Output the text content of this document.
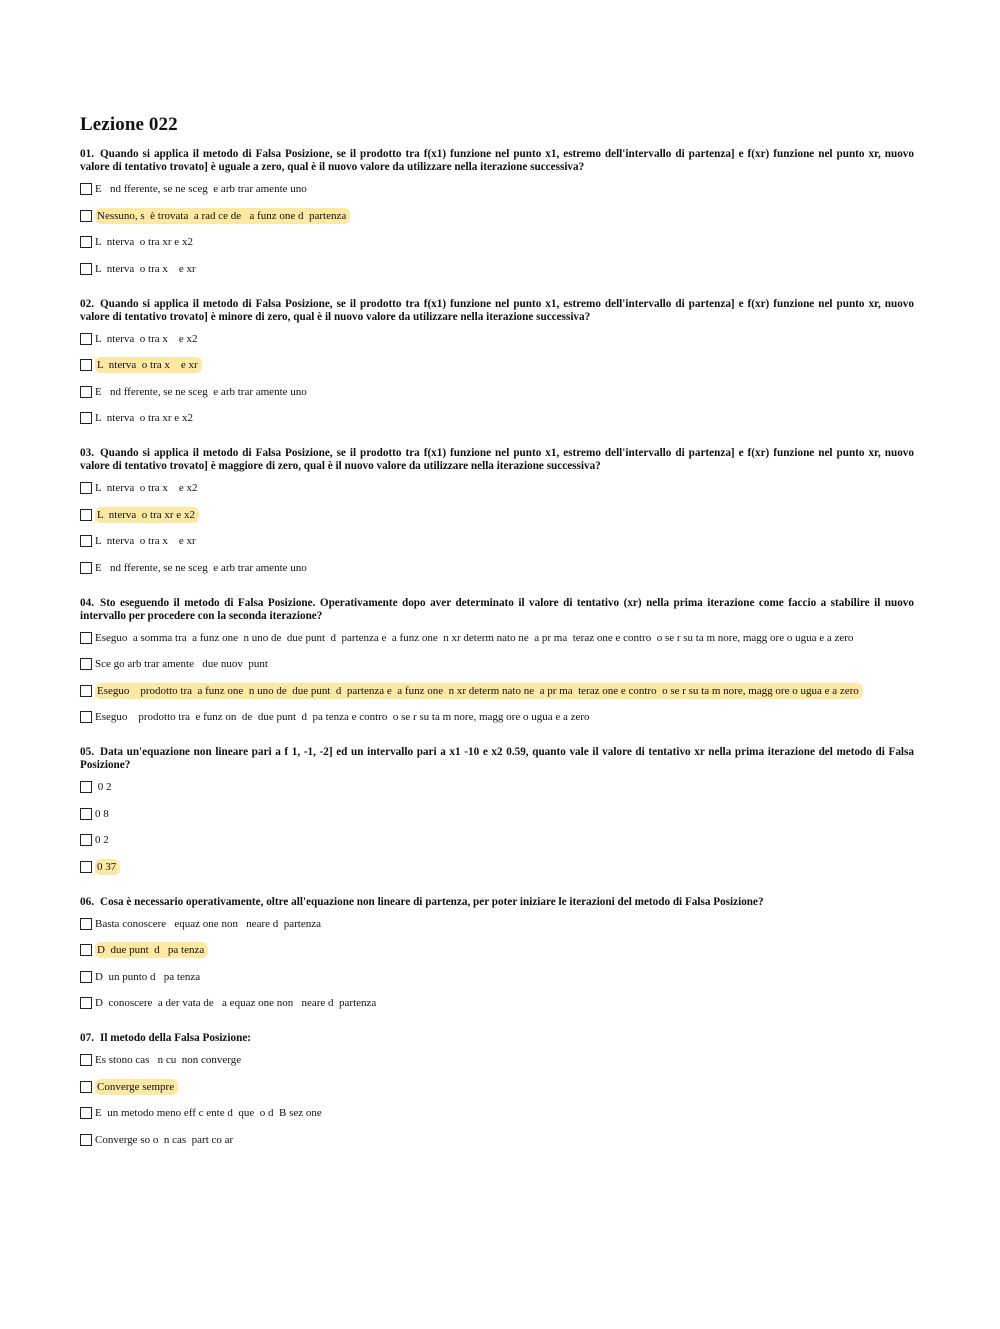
Lezione 022
01. Quando si applica il metodo di Falsa Posizione, se il prodotto tra f(x1) funzione nel punto x1, estremo dell'intervallo di partenza] e f(xr) funzione nel punto xr, nuovo valore di tentativo trovato] è uguale a zero, qual è il nuovo valore da utilizzare nella iterazione successiva?
E   nd fferente, se ne sceg  e arb trar amente uno
Nessuno, s  è trovata  a rad ce de   a funz one d  partenza
L  nterva  o tra xr e x2
L  nterva  o tra x    e xr
02. Quando si applica il metodo di Falsa Posizione, se il prodotto tra f(x1) funzione nel punto x1, estremo dell'intervallo di partenza] e f(xr) funzione nel punto xr, nuovo valore di tentativo trovato] è minore di zero, qual è il nuovo valore da utilizzare nella iterazione successiva?
L  nterva  o tra x    e x2
L  nterva  o tra x    e xr
E   nd fferente, se ne sceg  e arb trar amente uno
L  nterva  o tra xr e x2
03. Quando si applica il metodo di Falsa Posizione, se il prodotto tra f(x1) funzione nel punto x1, estremo dell'intervallo di partenza] e f(xr) funzione nel punto xr, nuovo valore di tentativo trovato] è maggiore di zero, qual è il nuovo valore da utilizzare nella iterazione successiva?
L  nterva  o tra x    e x2
L  nterva  o tra xr e x2
L  nterva  o tra x    e xr
E   nd fferente, se ne sceg  e arb trar amente uno
04. Sto eseguendo il metodo di Falsa Posizione. Operativamente dopo aver determinato il valore di tentativo (xr) nella prima iterazione come faccio a stabilire il nuovo intervallo per procedere con la seconda iterazione?
Eseguo  a somma tra  a funz one  n uno de  due punt  d  partenza e  a funz one  n xr determ nato ne  a pr ma  teraz one e contro  o se r su ta m nore, magg ore o ugua e a zero
Sce go arb trar amente   due nuov  punt
Eseguo    prodotto tra  a funz one  n uno de  due punt  d  partenza e  a funz one  n xr determ nato ne  a pr ma  teraz one e contro  o se r su ta m nore, magg ore o ugua e a zero
Eseguo    prodotto tra  e funz on  de  due punt  d  pa tenza e contro  o se r su ta m nore, magg ore o ugua e a zero
05. Data un'equazione non lineare pari a f 1, -1, -2] ed un intervallo pari a x1 -10 e x2 0.59, quanto vale il valore di tentativo xr nella prima iterazione del metodo di Falsa Posizione?
0 2
0 8
0 2
0 37
06. Cosa è necessario operativamente, oltre all'equazione non lineare di partenza, per poter iniziare le iterazioni del metodo di Falsa Posizione?
Basta conoscere   equaz one non   neare d  partenza
D  due punt  d   pa tenza
D  un punto d   pa tenza
D  conoscere  a der vata de   a equaz one non   neare d  partenza
07. Il metodo della Falsa Posizione:
Es stono cas   n cu  non converge
Converge sempre
E  un metodo meno eff c ente d  que  o d  B sez one
Converge so o  n cas  part co ar
